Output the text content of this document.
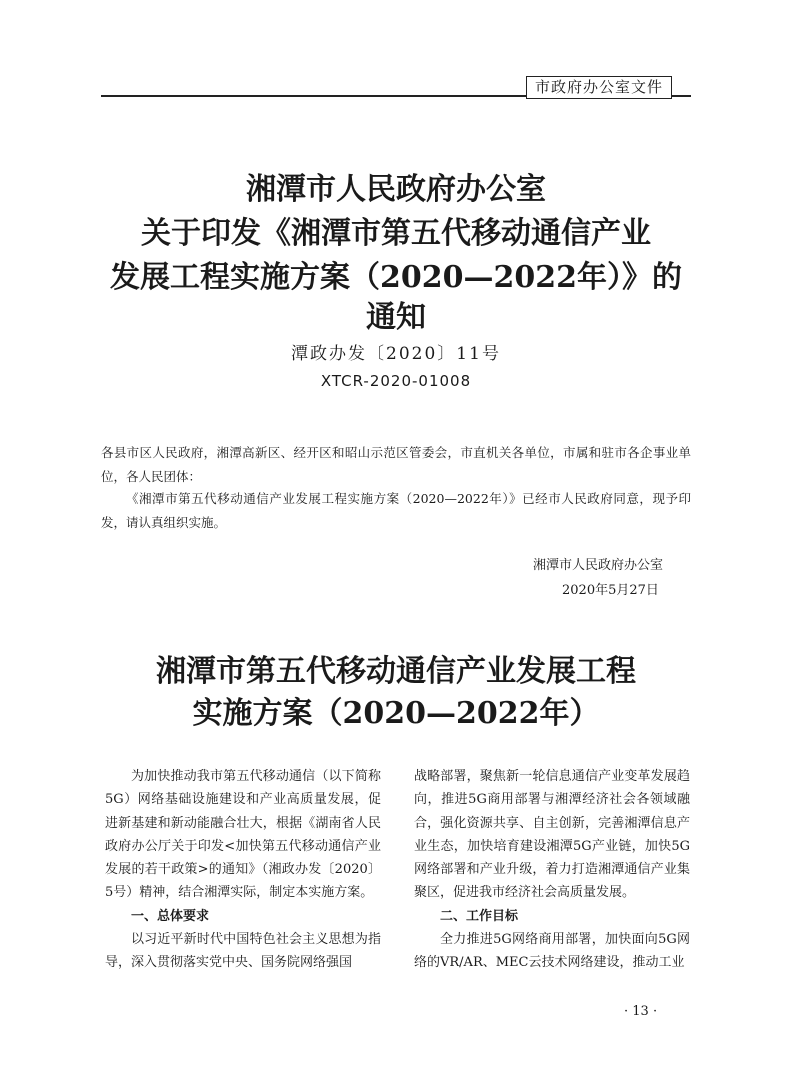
市政府办公室文件
湘潭市人民政府办公室
关于印发《湘潭市第五代移动通信产业
发展工程实施方案（2020—2022年）》的通知
潭政办发〔2020〕11号
XTCR-2020-01008

各县市区人民政府，湘潭高新区、经开区和昭山示范区管委会，市直机关各单位，市属和驻市各企事业单位，各人民团体：

《湘潭市第五代移动通信产业发展工程实施方案（2020—2022年）》已经市人民政府同意，现予印发，请认真组织实施。

湘潭市人民政府办公室
2020年5月27日
湘潭市第五代移动通信产业发展工程
实施方案（2020—2022年）

为加快推动我市第五代移动通信（以下简称5G）网络基础设施建设和产业高质量发展，促进新基建和新动能融合壮大，根据《湖南省人民政府办公厅关于印发<加快第五代移动通信产业发展的若干政策>的通知》（湘政办发〔2020〕5号）精神，结合湘潭实际，制定本实施方案。

一、总体要求

以习近平新时代中国特色社会主义思想为指导，深入贯彻落实党中央、国务院网络强国

战略部署，聚焦新一轮信息通信产业变革发展趋向，推进5G商用部署与湘潭经济社会各领域融合，强化资源共享、自主创新，完善湘潭信息产业生态，加快培育建设湘潭5G产业链，加快5G网络部署和产业升级，着力打造湘潭通信产业集聚区，促进我市经济社会高质量发展。

二、工作目标

全力推进5G网络商用部署，加快面向5G网络的VR/AR、MEC云技术网络建设，推动工业

· 13 ·
